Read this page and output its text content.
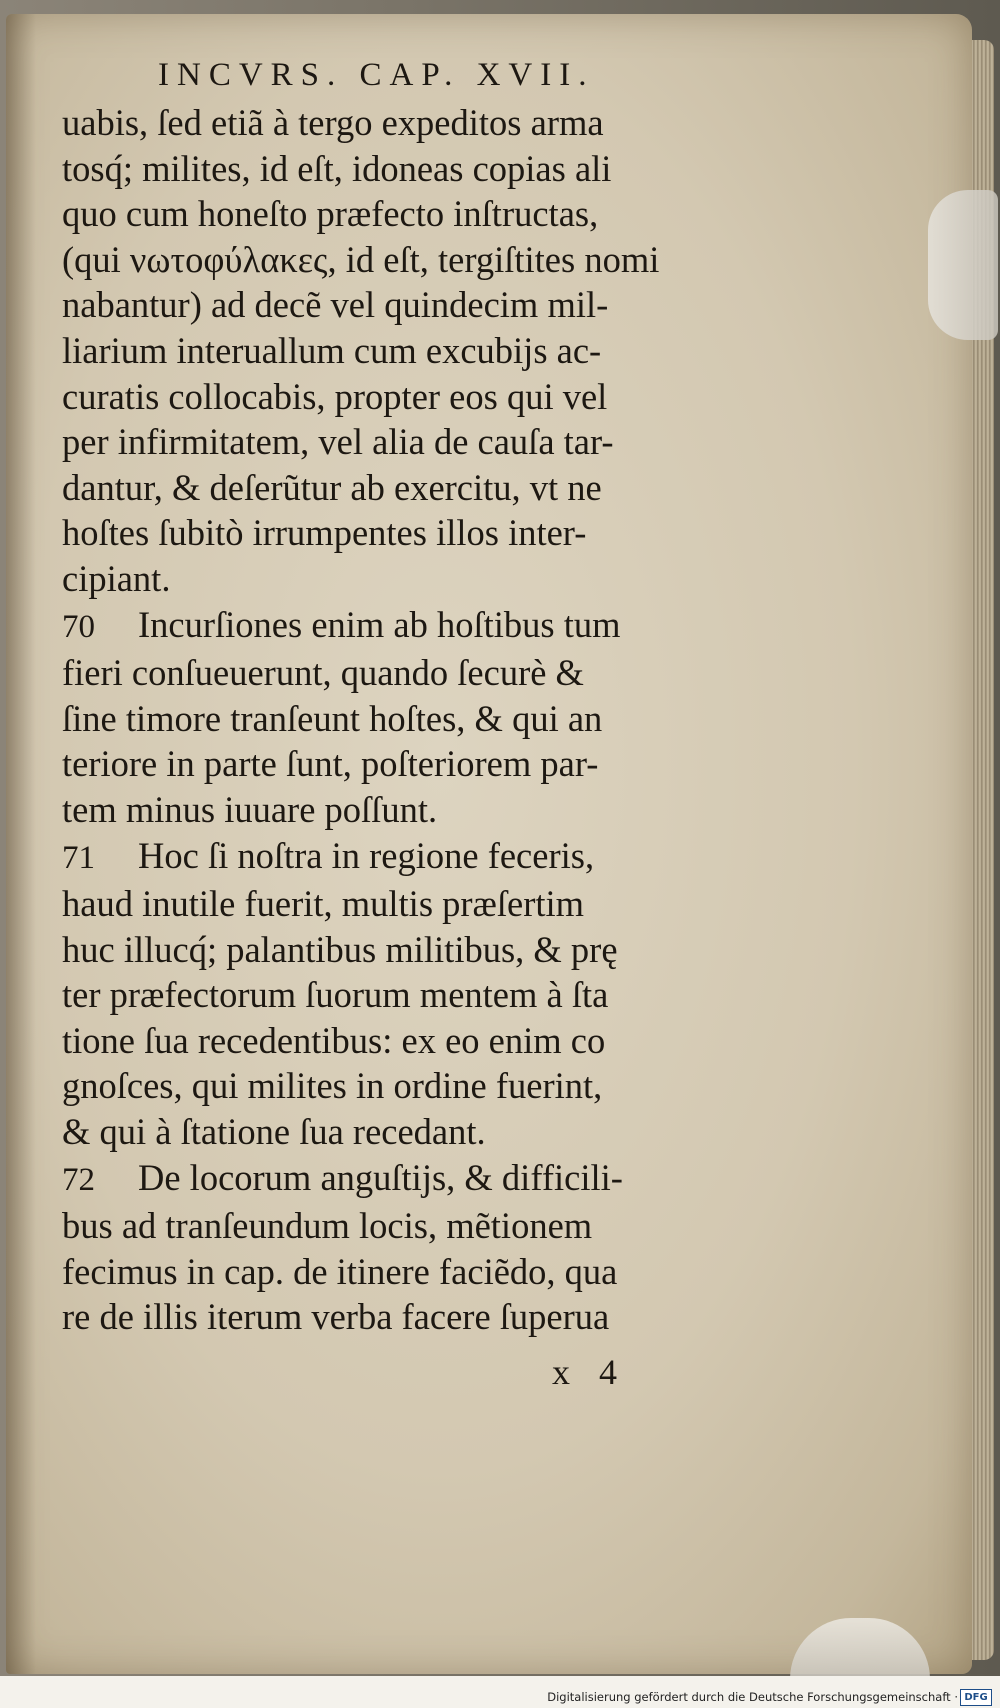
INCVRS. CAP. XVII.
uabis, ſed etiã à tergo expeditos arma
tosq́; milites, id eſt, idoneas copias ali
quo cum honeſto præfecto inſtructas,
(qui νωτοφύλακες, id eſt, tergiſtites nomi
nabantur) ad decẽ vel quindecim mil-
liarium interuallum cum excubijs ac-
curatis collocabis, propter eos qui vel
per infirmitatem, vel alia de cauſa tar-
dantur, & deſerũtur ab exercitu, vt ne
hoſtes ſubitò irrumpentes illos inter-
cipiant.
70 Incurſiones enim ab hoſtibus tum
fieri conſueuerunt, quando ſecurè &
ſine timore tranſeunt hoſtes, & qui an
teriore in parte ſunt, poſteriorem par-
tem minus iuuare poſſunt.
71 Hoc ſi noſtra in regione feceris,
haud inutile fuerit, multis præſertim
huc illucq́; palantibus militibus, & prę
ter præfectorum ſuorum mentem à ſta
tione ſua recedentibus: ex eo enim co
gnoſces, qui milites in ordine fuerint,
& qui à ſtatione ſua recedant.
72 De locorum anguſtijs, & difficili-
bus ad tranſeundum locis, mẽtionem
fecimus in cap. de itinere faciẽdo, qua
re de illis iterum verba facere ſuperua
x 4
Digitalisierung gefördert durch die Deutsche Forschungsgemeinschaft · DFG
